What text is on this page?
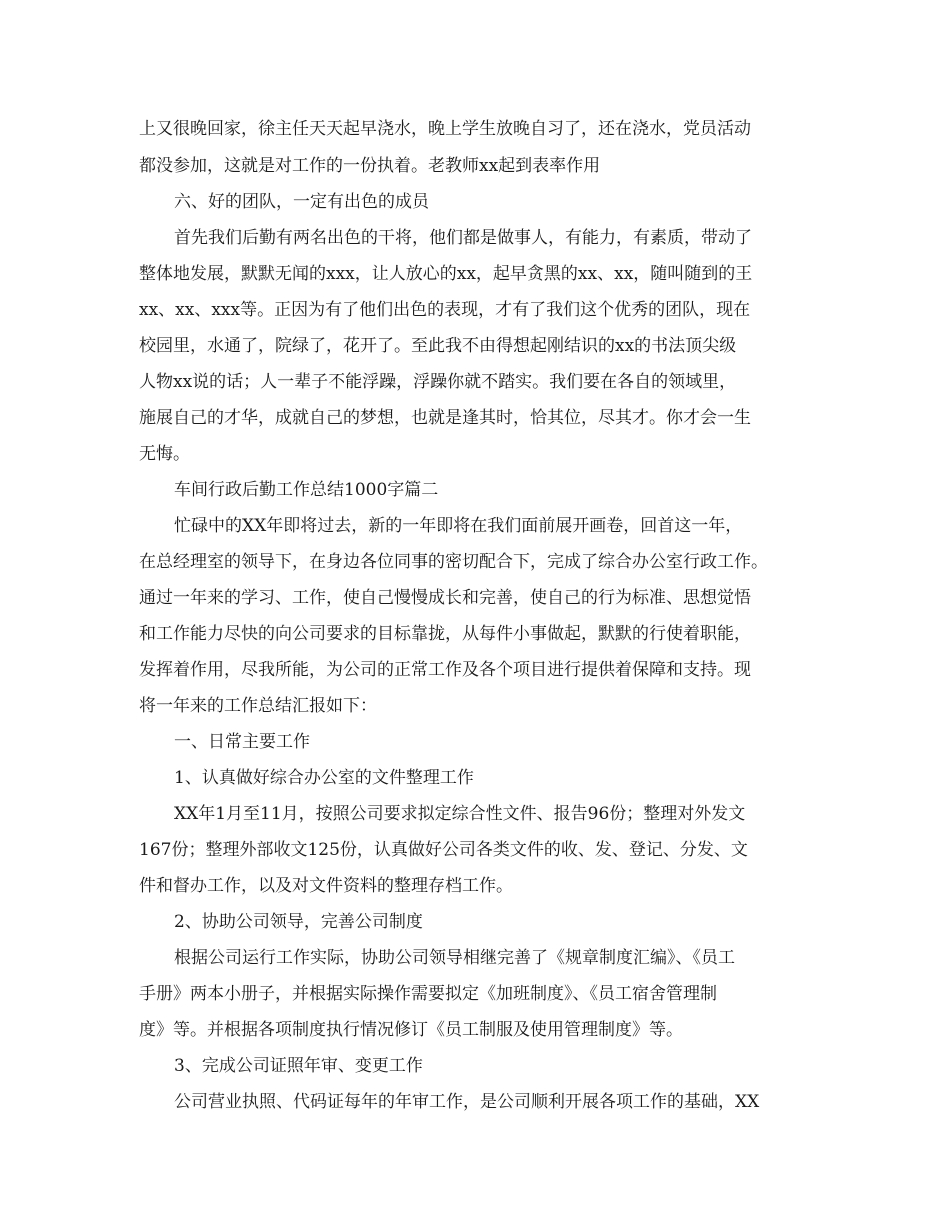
上又很晚回家，徐主任天天起早浇水，晚上学生放晚自习了，还在浇水，党员活动
都没参加，这就是对工作的一份执着。老教师xx起到表率作用
六、好的团队，一定有出色的成员
首先我们后勤有两名出色的干将，他们都是做事人，有能力，有素质，带动了
整体地发展，默默无闻的xxx，让人放心的xx，起早贪黑的xx、xx，随叫随到的王
xx、xx、xxx等。正因为有了他们出色的表现，才有了我们这个优秀的团队，现在
校园里，水通了，院绿了，花开了。至此我不由得想起刚结识的xx的书法顶尖级
人物xx说的话；人一辈子不能浮躁，浮躁你就不踏实。我们要在各自的领域里，
施展自己的才华，成就自己的梦想，也就是逢其时，恰其位，尽其才。你才会一生
无悔。
车间行政后勤工作总结1000字篇二
忙碌中的XX年即将过去，新的一年即将在我们面前展开画卷，回首这一年，
在总经理室的领导下，在身边各位同事的密切配合下，完成了综合办公室行政工作。
通过一年来的学习、工作，使自己慢慢成长和完善，使自己的行为标准、思想觉悟
和工作能力尽快的向公司要求的目标靠拢，从每件小事做起，默默的行使着职能，
发挥着作用，尽我所能，为公司的正常工作及各个项目进行提供着保障和支持。现
将一年来的工作总结汇报如下：
一、日常主要工作
1、认真做好综合办公室的文件整理工作
XX年1月至11月，按照公司要求拟定综合性文件、报告96份；整理对外发文
167份；整理外部收文125份，认真做好公司各类文件的收、发、登记、分发、文
件和督办工作，以及对文件资料的整理存档工作。
2、协助公司领导，完善公司制度
根据公司运行工作实际，协助公司领导相继完善了《规章制度汇编》、《员工
手册》两本小册子，并根据实际操作需要拟定《加班制度》、《员工宿舍管理制
度》等。并根据各项制度执行情况修订《员工制服及使用管理制度》等。
3、完成公司证照年审、变更工作
公司营业执照、代码证每年的年审工作，是公司顺利开展各项工作的基础，XX
